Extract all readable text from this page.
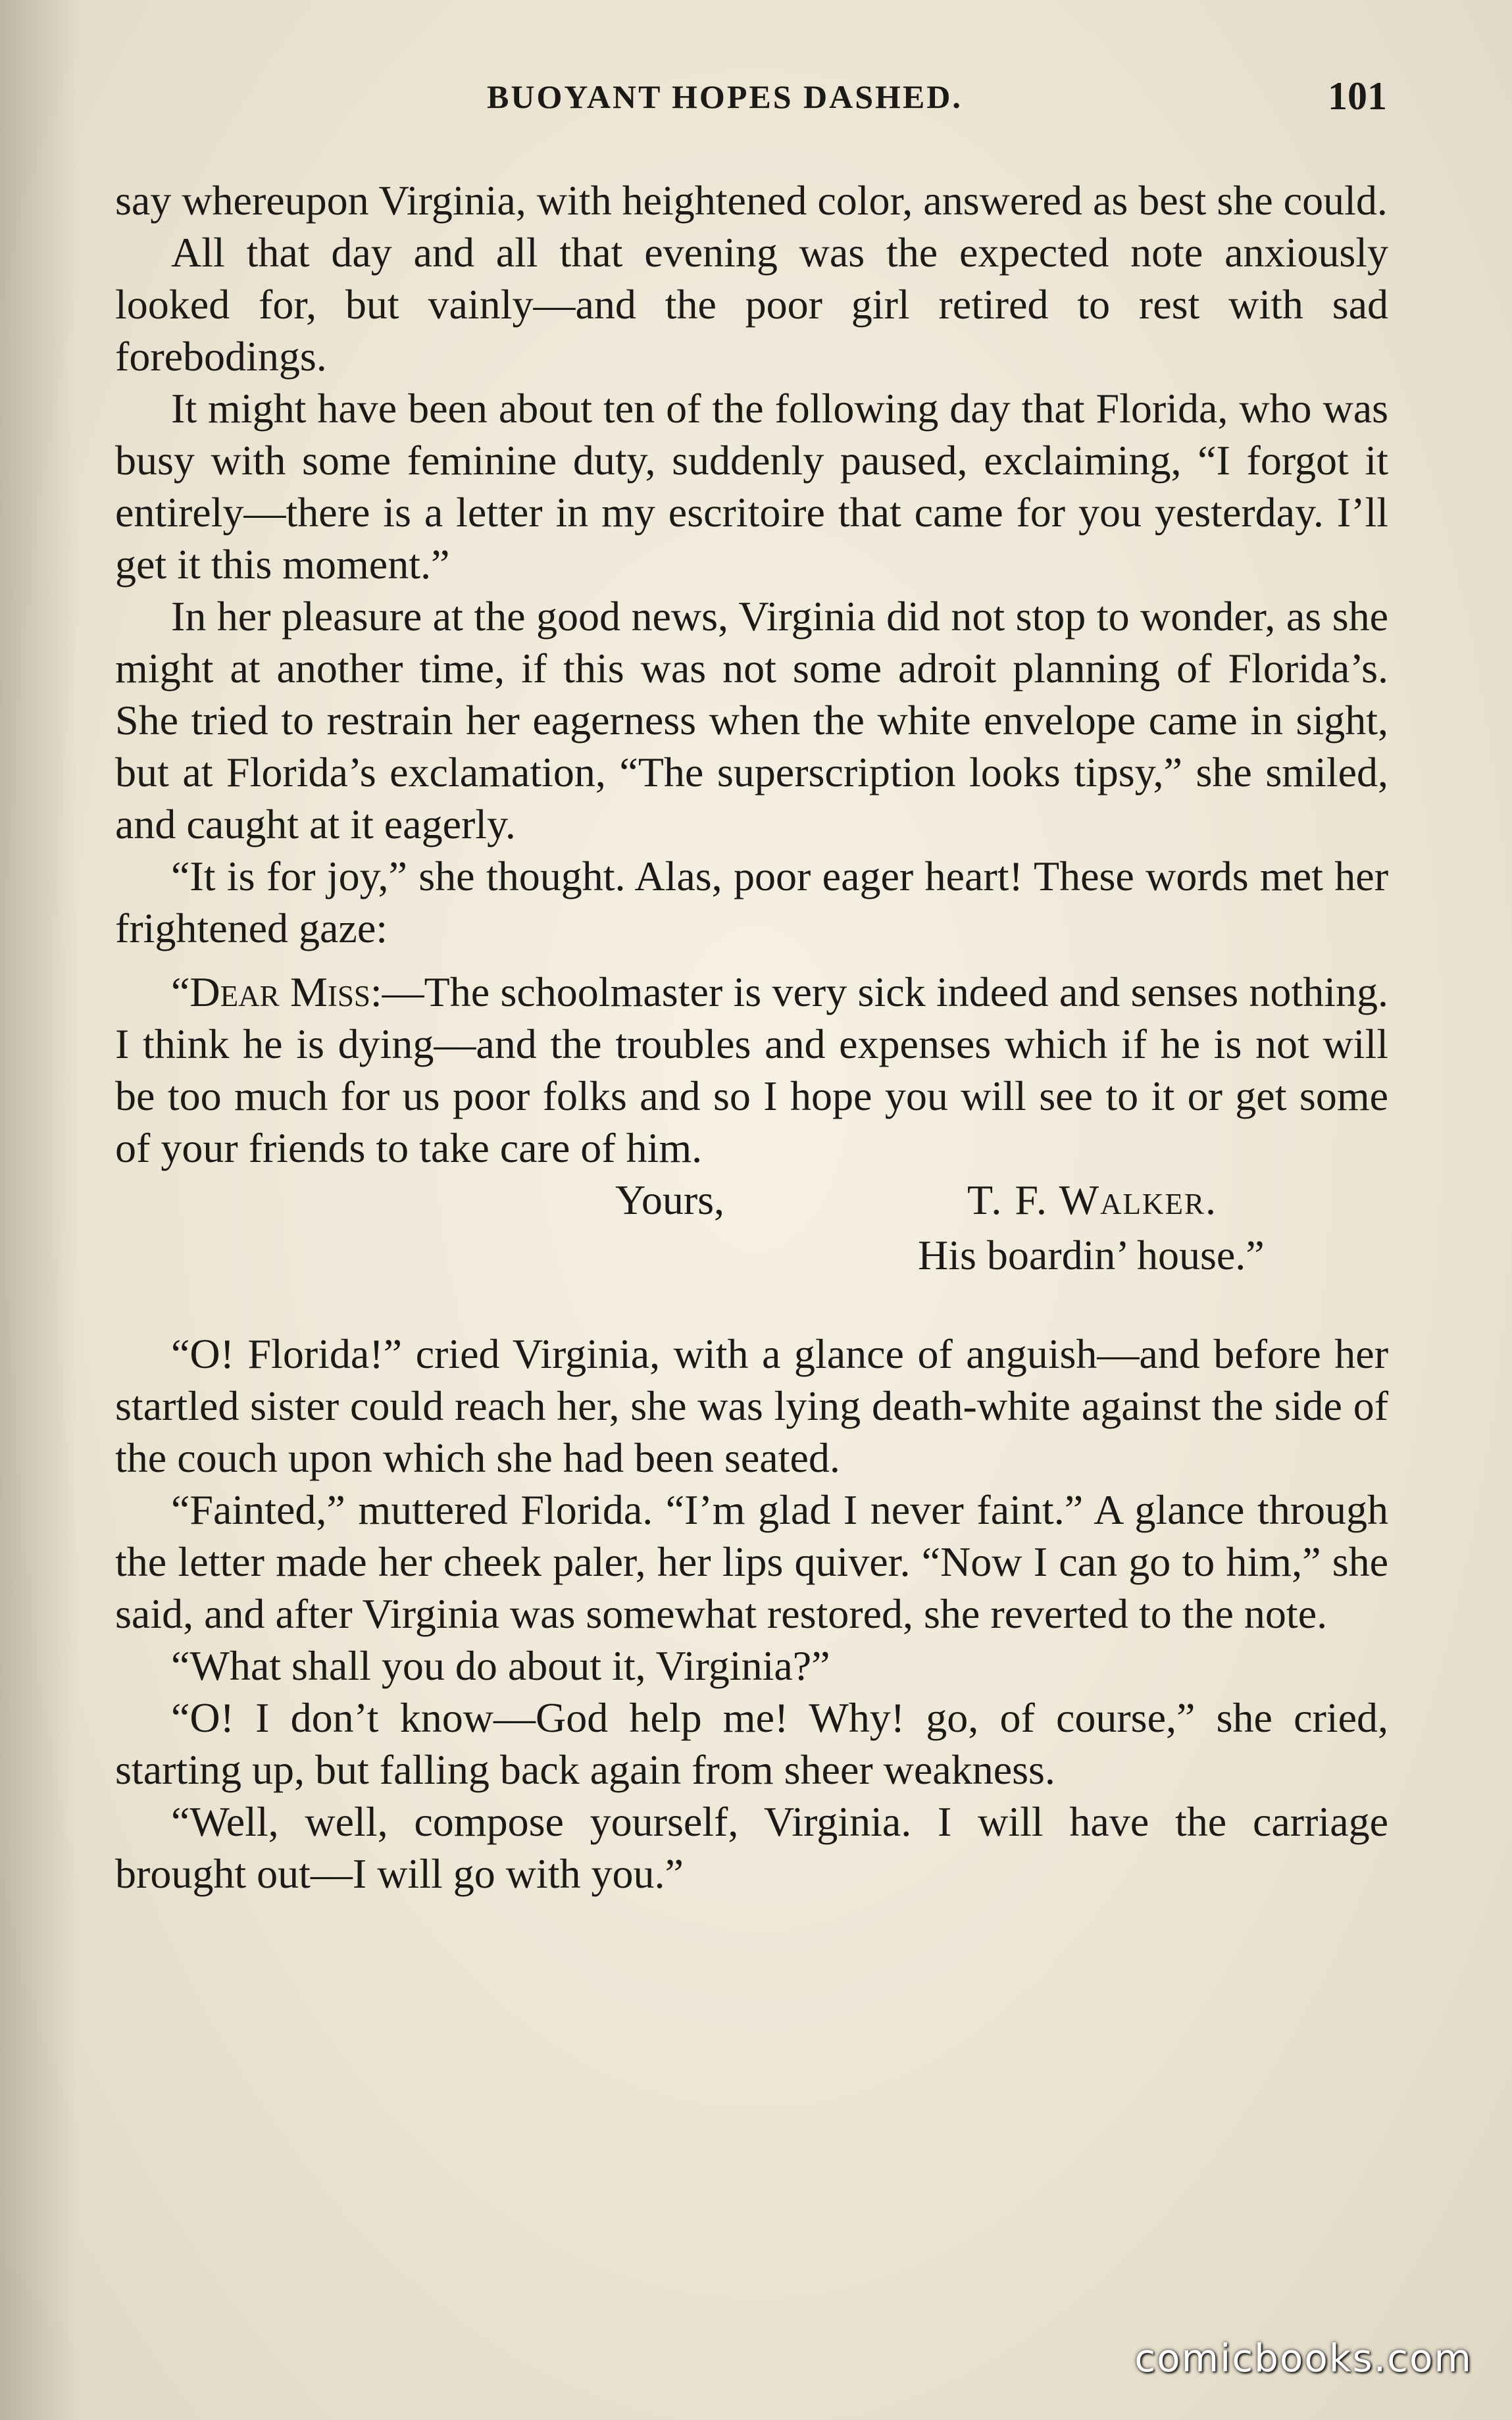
BUOYANT HOPES DASHED.	101

say whereupon Virginia, with heightened color, answered as best she could.

All that day and all that evening was the expected note anxiously looked for, but vainly—and the poor girl retired to rest with sad forebodings.

It might have been about ten of the following day that Florida, who was busy with some feminine duty, suddenly paused, exclaiming, “I forgot it entirely—there is a letter in my escritoire that came for you yesterday. I’ll get it this moment.”

In her pleasure at the good news, Virginia did not stop to wonder, as she might at another time, if this was not some adroit planning of Florida’s. She tried to restrain her eagerness when the white envelope came in sight, but at Florida’s exclamation, “The superscription looks tipsy,” she smiled, and caught at it eagerly.

“It is for joy,” she thought. Alas, poor eager heart! These words met her frightened gaze:

“Dear Miss:—The schoolmaster is very sick indeed and senses nothing. I think he is dying—and the troubles and expenses which if he is not will be too much for us poor folks and so I hope you will see to it or get some of your friends to take care of him.

Yours,	T. F. Walker.
His boardin’ house.”

“O! Florida!” cried Virginia, with a glance of anguish—and before her startled sister could reach her, she was lying death-white against the side of the couch upon which she had been seated.

“Fainted,” muttered Florida. “I’m glad I never faint.” A glance through the letter made her cheek paler, her lips quiver. “Now I can go to him,” she said, and after Virginia was somewhat restored, she reverted to the note.

“What shall you do about it, Virginia?”

“O! I don’t know—God help me! Why! go, of course,” she cried, starting up, but falling back again from sheer weakness.

“Well, well, compose yourself, Virginia. I will have the carriage brought out—I will go with you.”

comicbooks.com
